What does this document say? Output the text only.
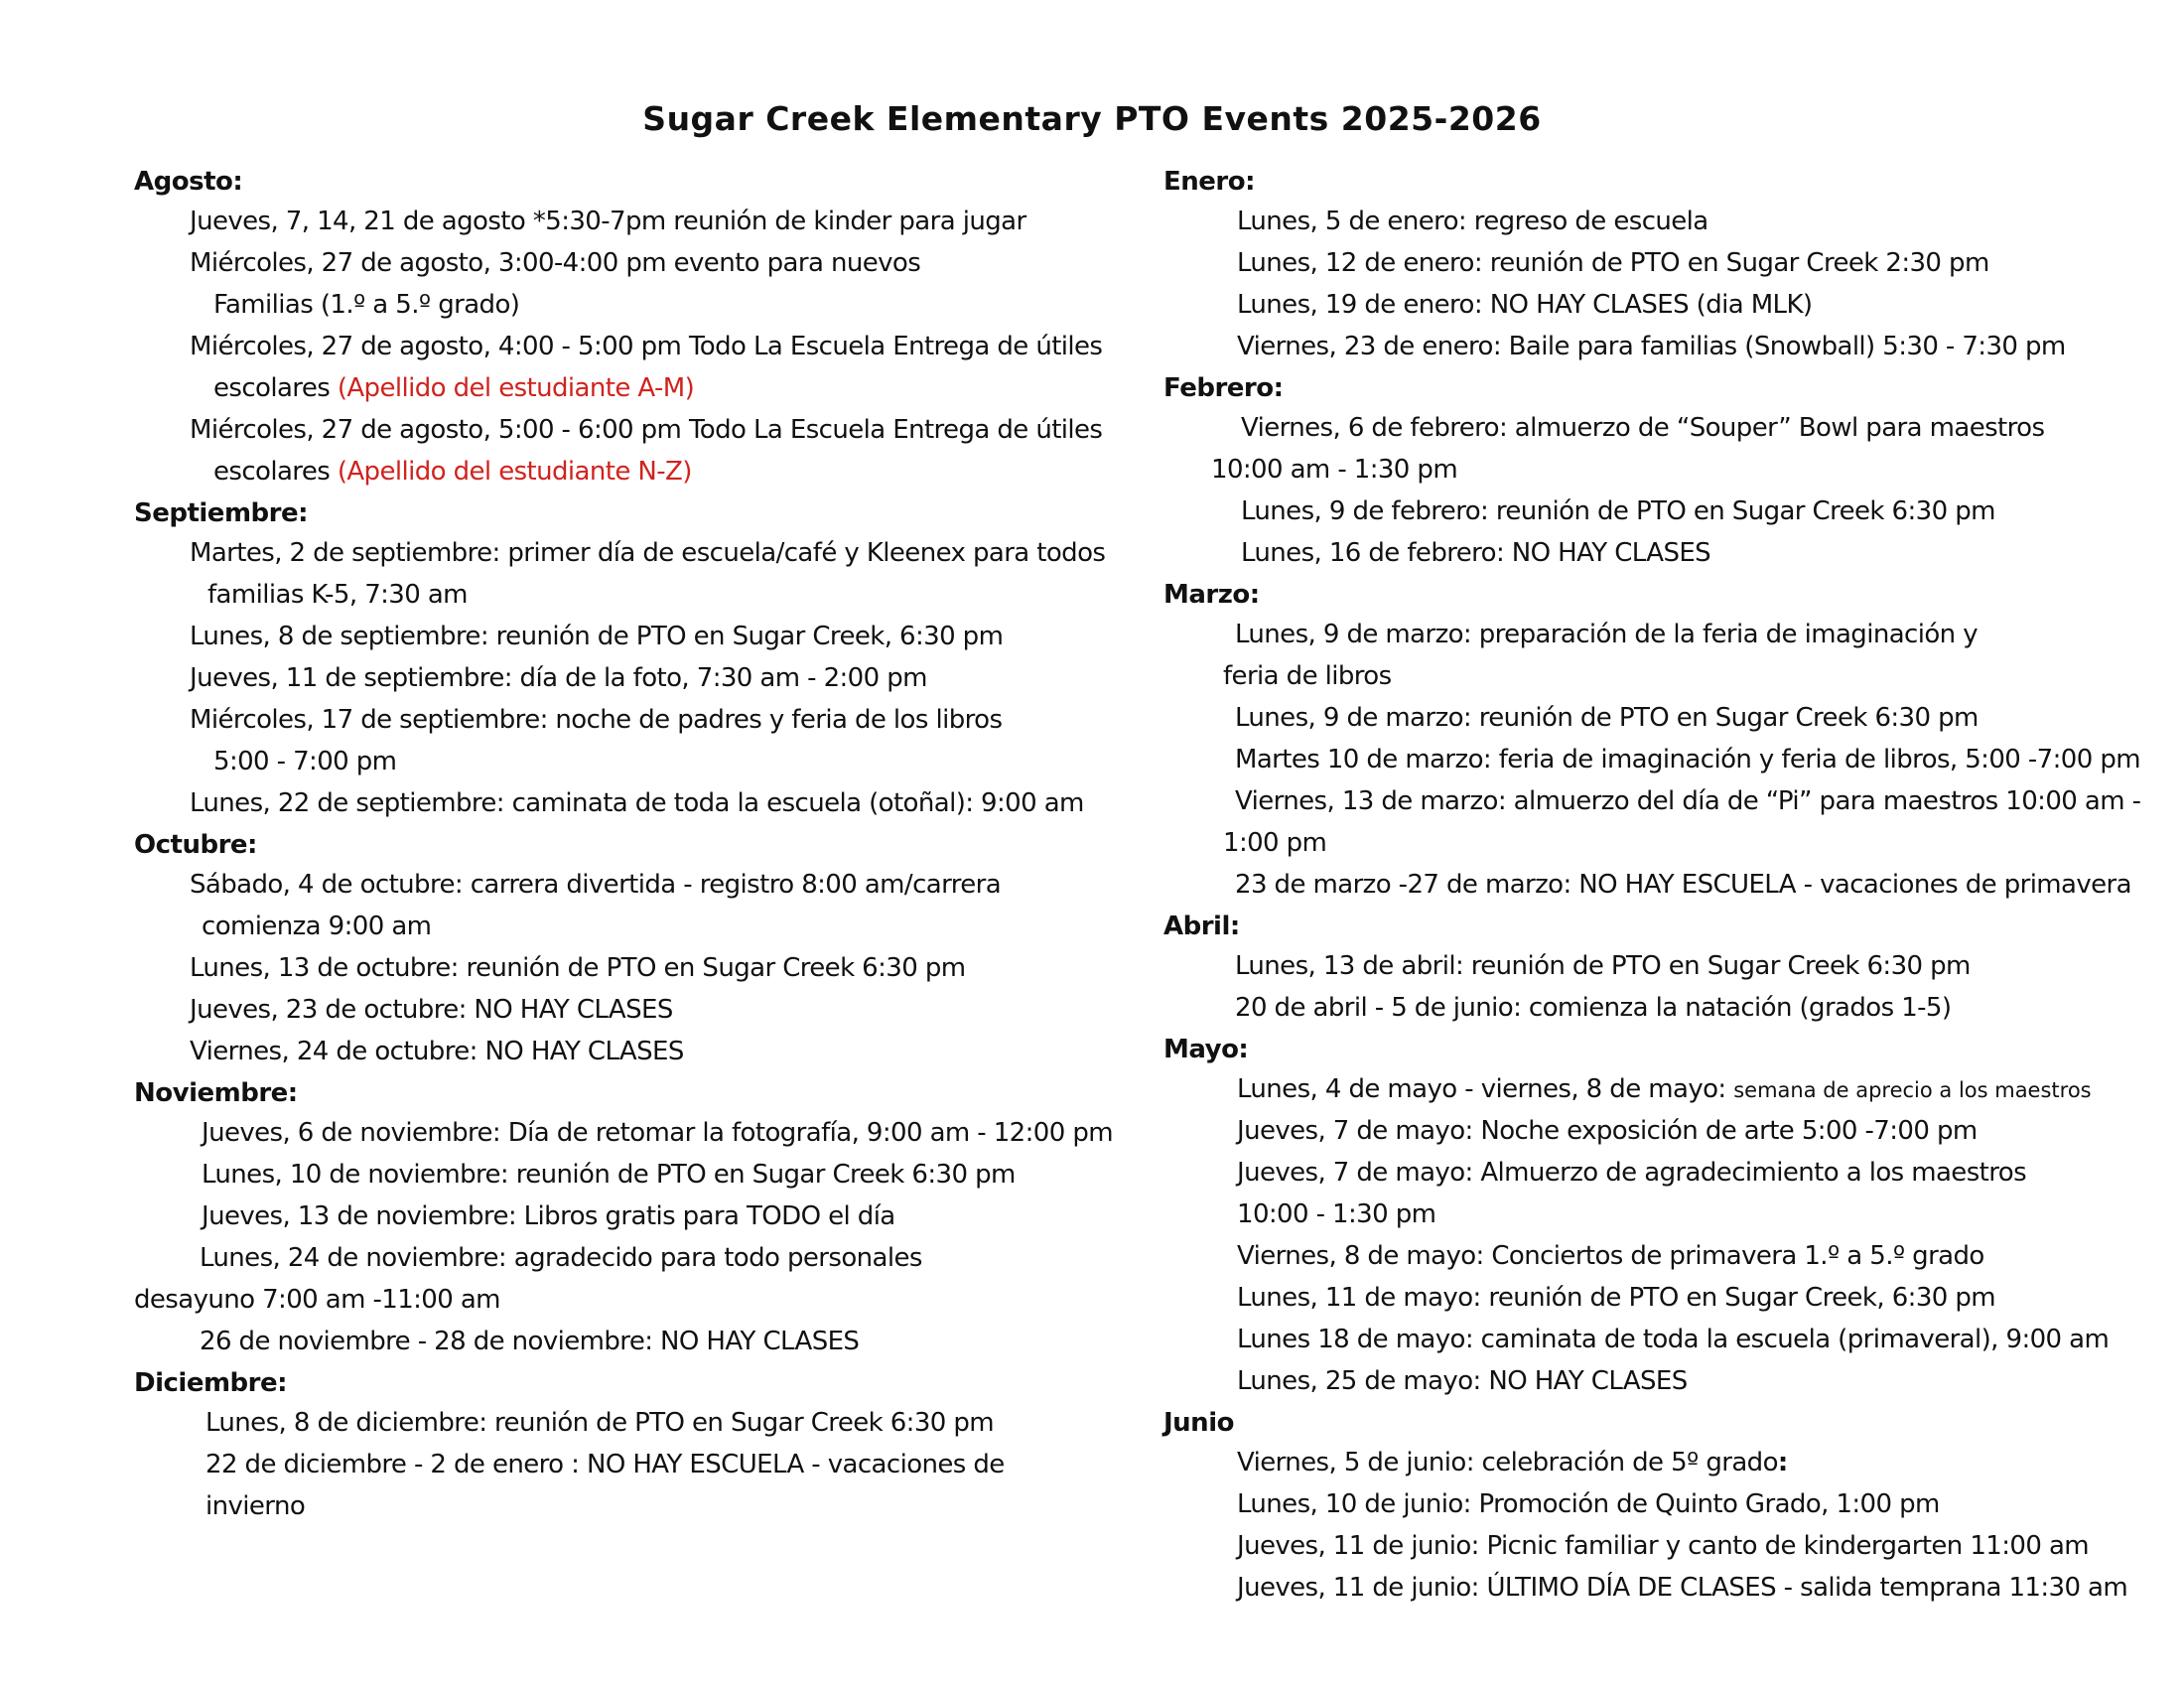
Sugar Creek Elementary PTO Events 2025-2026
Agosto:
Jueves, 7, 14, 21 de agosto *5:30-7pm reunión de kinder para jugar
Miércoles, 27 de agosto, 3:00-4:00 pm evento para nuevos
Familias (1.º a 5.º grado)
Miércoles, 27 de agosto, 4:00 - 5:00 pm Todo La Escuela Entrega de útiles
escolares (Apellido del estudiante A-M)
Miércoles, 27 de agosto, 5:00 - 6:00 pm Todo La Escuela Entrega de útiles
escolares (Apellido del estudiante N-Z)
Septiembre:
Martes, 2 de septiembre: primer día de escuela/café y Kleenex para todos
familias K-5, 7:30 am
Lunes, 8 de septiembre: reunión de PTO en Sugar Creek, 6:30 pm
Jueves, 11 de septiembre: día de la foto, 7:30 am - 2:00 pm
Miércoles, 17 de septiembre: noche de padres y feria de los libros
5:00 - 7:00 pm
Lunes, 22 de septiembre: caminata de toda la escuela (otoñal): 9:00 am
Octubre:
Sábado, 4 de octubre: carrera divertida - registro 8:00 am/carrera
comienza 9:00 am
Lunes, 13 de octubre: reunión de PTO en Sugar Creek 6:30 pm
Jueves, 23 de octubre: NO HAY CLASES
Viernes, 24 de octubre: NO HAY CLASES
Noviembre:
Jueves, 6 de noviembre: Día de retomar la fotografía, 9:00 am - 12:00 pm
Lunes, 10 de noviembre: reunión de PTO en Sugar Creek 6:30 pm
Jueves, 13 de noviembre: Libros gratis para TODO el día
Lunes, 24 de noviembre: agradecido para todo personales
desayuno 7:00 am -11:00 am
26 de noviembre - 28 de noviembre: NO HAY CLASES
Diciembre:
Lunes, 8 de diciembre: reunión de PTO en Sugar Creek 6:30 pm
22 de diciembre - 2 de enero : NO HAY ESCUELA - vacaciones de
invierno
Enero:
Lunes, 5 de enero: regreso de escuela
Lunes, 12 de enero: reunión de PTO en Sugar Creek 2:30 pm
Lunes, 19 de enero: NO HAY CLASES (dia MLK)
Viernes, 23 de enero: Baile para familias (Snowball) 5:30 - 7:30 pm
Febrero:
Viernes, 6 de febrero: almuerzo de “Souper” Bowl para maestros
10:00 am - 1:30 pm
Lunes, 9 de febrero: reunión de PTO en Sugar Creek 6:30 pm
Lunes, 16 de febrero: NO HAY CLASES
Marzo:
Lunes, 9 de marzo: preparación de la feria de imaginación y
feria de libros
Lunes, 9 de marzo: reunión de PTO en Sugar Creek 6:30 pm
Martes 10 de marzo: feria de imaginación y feria de libros, 5:00 -7:00 pm
Viernes, 13 de marzo: almuerzo del día de “Pi” para maestros 10:00 am -
1:00 pm
23 de marzo -27 de marzo: NO HAY ESCUELA - vacaciones de primavera
Abril:
Lunes, 13 de abril: reunión de PTO en Sugar Creek 6:30 pm
20 de abril - 5 de junio: comienza la natación (grados 1-5)
Mayo:
Lunes, 4 de mayo - viernes, 8 de mayo: semana de aprecio a los maestros
Jueves, 7 de mayo: Noche exposición de arte 5:00 -7:00 pm
Jueves, 7 de mayo: Almuerzo de agradecimiento a los maestros
10:00 - 1:30 pm
Viernes, 8 de mayo: Conciertos de primavera 1.º a 5.º grado
Lunes, 11 de mayo: reunión de PTO en Sugar Creek, 6:30 pm
Lunes 18 de mayo: caminata de toda la escuela (primaveral), 9:00 am
Lunes, 25 de mayo: NO HAY CLASES
Junio
Viernes, 5 de junio: celebración de 5º grado:
Lunes, 10 de junio: Promoción de Quinto Grado, 1:00 pm
Jueves, 11 de junio: Picnic familiar y canto de kindergarten 11:00 am
Jueves, 11 de junio: ÚLTIMO DÍA DE CLASES - salida temprana 11:30 am
